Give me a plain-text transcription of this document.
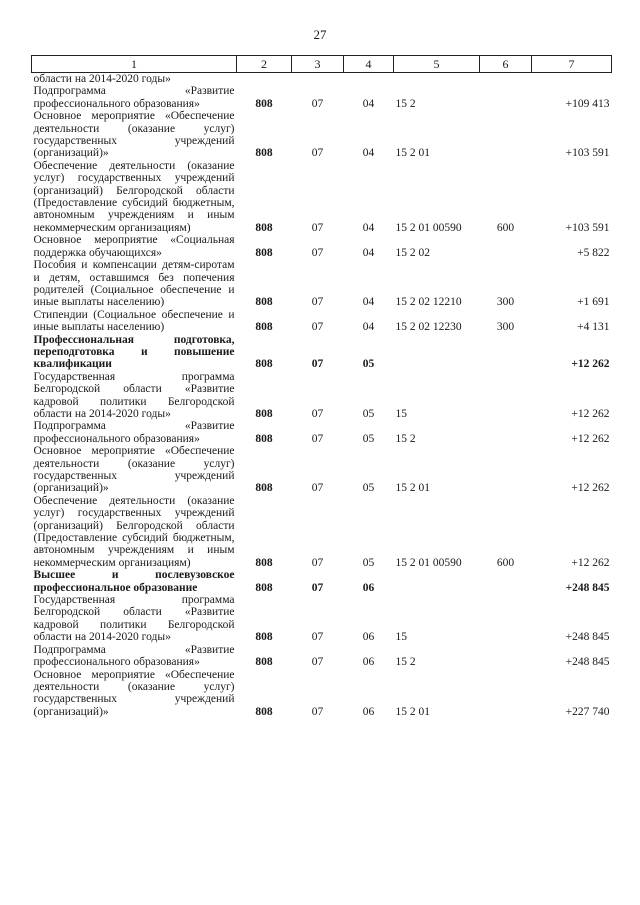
27
1	2	3	4	5	6	7
области на 2014-2020 годы»						
Подпрограмма «Развитие профессионального образования»	808	07	04	15 2		+109 413
Основное мероприятие «Обеспечение деятельности (оказание услуг) государственных учреждений (организаций)»	808	07	04	15 2 01		+103 591
Обеспечение деятельности (оказание услуг) государственных учреждений (организаций) Белгородской области (Предоставление субсидий бюджетным, автономным учреждениям и иным некоммерческим организациям)	808	07	04	15 2 01 00590	600	+103 591
Основное мероприятие «Социальная поддержка обучающихся»	808	07	04	15 2 02		+5 822
Пособия и компенсации детям-сиротам и детям, оставшимся без попечения родителей (Социальное обеспечение и иные выплаты населению)	808	07	04	15 2 02 12210	300	+1 691
Стипендии (Социальное обеспечение и иные выплаты населению)	808	07	04	15 2 02 12230	300	+4 131
Профессиональная подготовка, переподготовка и повышение квалификации	808	07	05			+12 262
Государственная программа Белгородской области «Развитие кадровой политики Белгородской области на 2014-2020 годы»	808	07	05	15		+12 262
Подпрограмма «Развитие профессионального образования»	808	07	05	15 2		+12 262
Основное мероприятие «Обеспечение деятельности (оказание услуг) государственных учреждений (организаций)»	808	07	05	15 2 01		+12 262
Обеспечение деятельности (оказание услуг) государственных учреждений (организаций) Белгородской области (Предоставление субсидий бюджетным, автономным учреждениям и иным некоммерческим организациям)	808	07	05	15 2 01 00590	600	+12 262
Высшее и послевузовское профессиональное образование	808	07	06			+248 845
Государственная программа Белгородской области «Развитие кадровой политики Белгородской области на 2014-2020 годы»	808	07	06	15		+248 845
Подпрограмма «Развитие профессионального образования»	808	07	06	15 2		+248 845
Основное мероприятие «Обеспечение деятельности (оказание услуг) государственных учреждений (организаций)»	808	07	06	15 2 01		+227 740
